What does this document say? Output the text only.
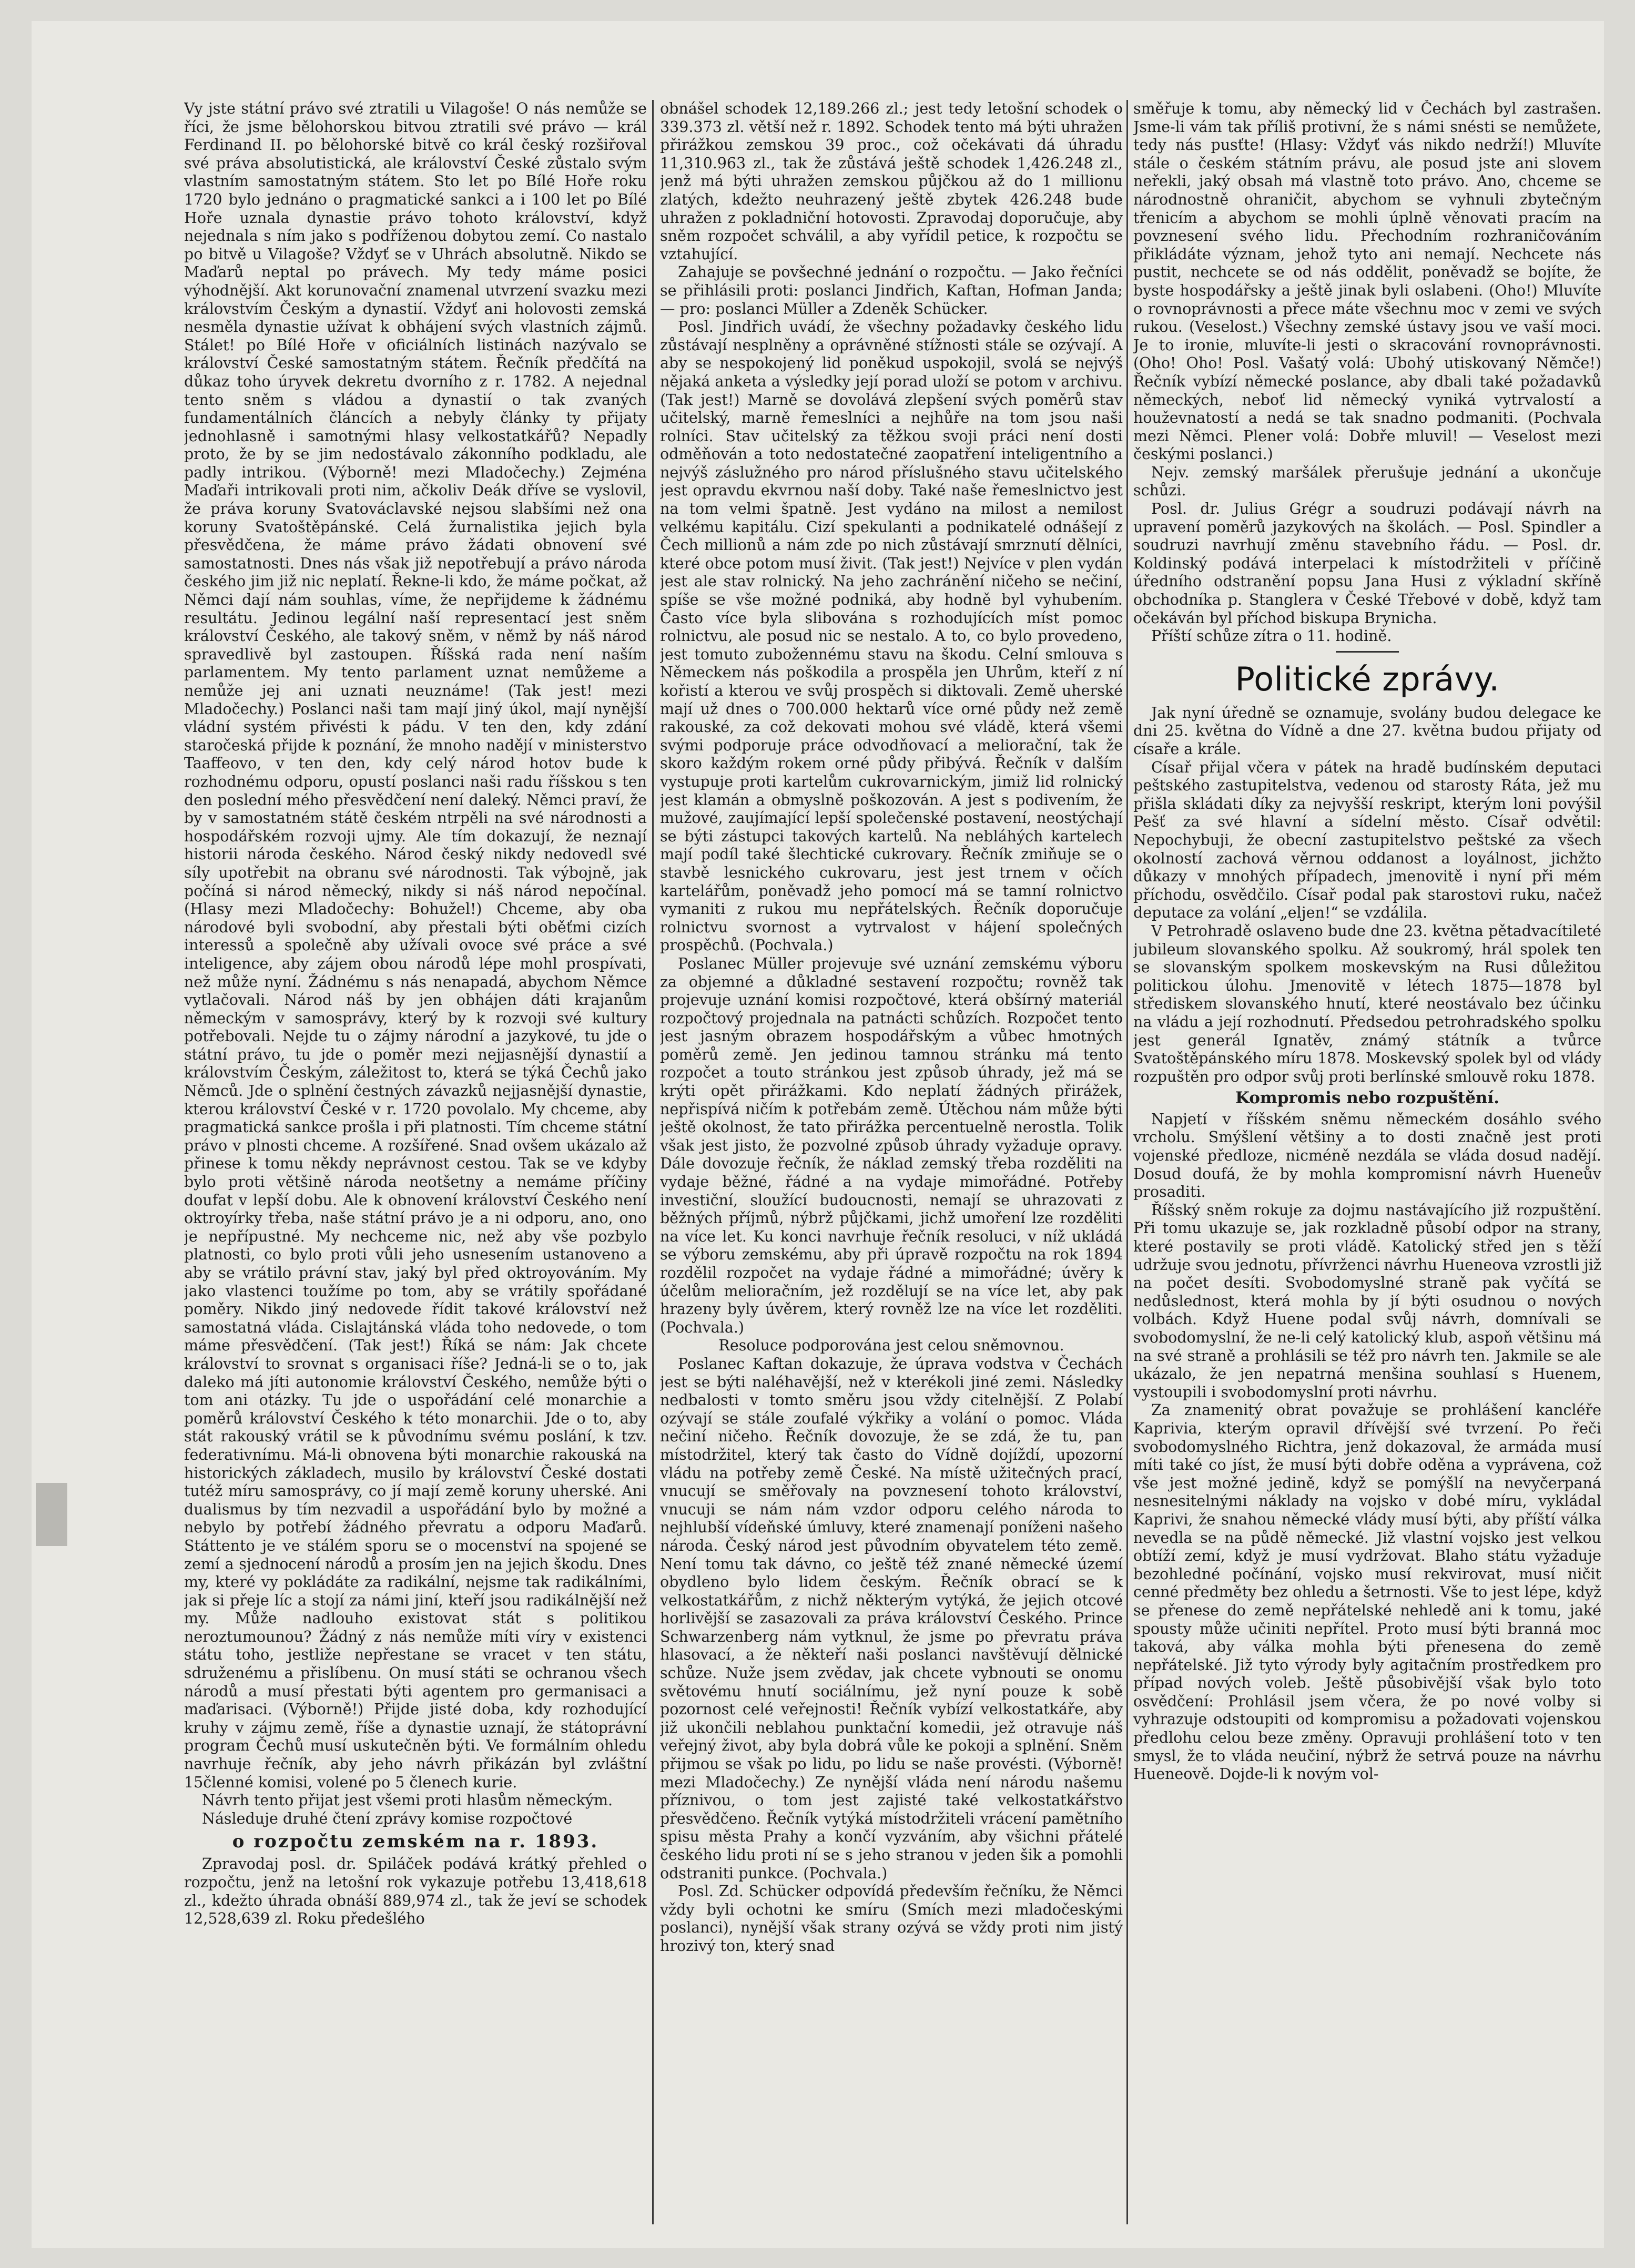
Vy jste státní právo své ztratili u Vilagoše! O nás nemůže se říci, že jsme bělohorskou bitvou ztratili své právo — král Ferdinand II. po bělohorské bitvě co král český rozšiřoval své práva absolutistická, ale království České zůstalo svým vlastním samostatným státem. Sto let po Bílé Hoře roku 1720 bylo jednáno o pragmatické sankci a i 100 let po Bílé Hoře uznala dynastie právo tohoto království, když nejednala s ním jako s podříženou dobytou zemí. Co nastalo po bitvě u Vilagoše? Vždyť se v Uhrách absolutně. Nikdo se Maďarů neptal po právech. My tedy máme posici výhodnější. Akt korunovační znamenal utvrzení svazku mezi královstvím Českým a dynastií. Vždyť ani holovosti zemská nesměla dynastie užívat k obhájení svých vlastních zájmů. Stálet! po Bílé Hoře v oficiálních listinách nazývalo se království České samostatným státem. Řečník předčítá na důkaz toho úryvek dekretu dvorního z r. 1782. A nejednal tento sněm s vládou a dynastií o tak zvaných fundamentálních článcích a nebyly články ty přijaty jednohlasně i samotnými hlasy velkostatkářů? Nepadly proto, že by se jim nedostávalo zákonního podkladu, ale padly intrikou. (Výborně! mezi Mladočechy.) Zejména Maďaři intrikovali proti nim, ačkoliv Deák dříve se vyslovil, že práva koruny Svatováclavské nejsou slabšími než ona koruny Svatoštěpánské. Celá žurnalistika jejich byla přesvědčena, že máme právo žádati obnovení své samostatnosti. Dnes nás však již nepotřebují a právo národa českého jim již nic neplatí. Řekne-li kdo, že máme počkat, až Němci dají nám souhlas, víme, že nepřijdeme k žádnému resultátu. Jedinou legální naší representací jest sněm království Českého, ale takový sněm, v němž by náš národ spravedlivě byl zastoupen. Říšská rada není naším parlamentem. My tento parlament uznat nemůžeme a nemůže jej ani uznati neuznáme! (Tak jest! mezi Mladočechy.) Poslanci naši tam mají jiný úkol, mají nynější vládní systém přivésti k pádu. V ten den, kdy zdání staročeská přijde k poznání, že mnoho nadějí v ministerstvo Taaffeovo, v ten den, kdy celý národ hotov bude k rozhodnému odporu, opustí poslanci naši radu říšskou s ten den poslední mého přesvědčení není daleký. Němci praví, že by v samostatném státě českém ntrpěli na své národnosti a hospodářském rozvoji ujmy. Ale tím dokazují, že neznají historii národa českého. Národ český nikdy nedovedl své síly upotřebit na obranu své národnosti. Tak výbojně, jak počíná si národ německý, nikdy si náš národ nepočínal. (Hlasy mezi Mladočechy: Bohužel!) Chceme, aby oba národové byli svobodní, aby přestali býti oběťmi cizích interessů a společně aby užívali ovoce své práce a své inteligence, aby zájem obou národů lépe mohl prospívati, než může nyní. Žádnému s nás nenapadá, abychom Němce vytlačovali. Národ náš by jen obhájen dáti krajanům německým v samosprávy, který by k rozvoji své kultury potřebovali. Nejde tu o zájmy národní a jazykové, tu jde o státní právo, tu jde o poměr mezi nejjasnější dynastií a královstvím Českým, záležitost to, která se týká Čechů jako Němců. Jde o splnění čestných závazků nejjasnější dynastie, kterou království České v r. 1720 povolalo. My chceme, aby pragmatická sankce prošla i při platnosti. Tím chceme státní právo v plnosti chceme. A rozšířené. Snad ovšem ukázalo až přinese k tomu někdy neprávnost cestou. Tak se ve kdyby bylo proti většině národa neotšetny a nemáme příčiny doufat v lepší dobu. Ale k obnovení království Českého není oktroyírky třeba, naše státní právo je a ni odporu, ano, ono je nepřípustné. My nechceme nic, než aby vše pozbylo platnosti, co bylo proti vůli jeho usnesením ustanoveno a aby se vrátilo právní stav, jaký byl před oktroyováním. My jako vlastenci toužíme po tom, aby se vrátily spořádané poměry. Nikdo jiný nedovede řídit takové království než samostatná vláda. Cislajtánská vláda toho nedovede, o tom máme přesvědčení. (Tak jest!) Říká se nám: Jak chcete království to srovnat s organisaci říše? Jedná-li se o to, jak daleko má jíti autonomie království Českého, nemůže býti o tom ani otázky. Tu jde o uspořádání celé monarchie a poměrů království Českého k této monarchii. Jde o to, aby stát rakouský vrátil se k původnímu svému poslání, k tzv. federativnímu. Má-li obnovena býti monarchie rakouská na historických základech, musilo by království České dostati tutéž míru samosprávy, co jí mají země koruny uherské. Ani dualismus by tím nezvadil a uspořádání bylo by možné a nebylo by potřebí žádného převratu a odporu Maďarů. Státtento je ve stálém sporu se o mocenství na spojené se zemí a sjednocení národů a prosím jen na jejich škodu. Dnes my, které vy pokládáte za radikální, nejsme tak radikálními, jak si přeje líc a stojí za námi jiní, kteří jsou radikálnější než my. Může nadlouho existovat stát s politikou neroztumounou? Žádný z nás nemůže míti víry v existenci státu toho, jestliže nepřestane se vracet v ten státu, sdruženému a přislíbenu. On musí státi se ochranou všech národů a musí přestati býti agentem pro germanisaci a maďarisaci. (Výborně!) Přijde jisté doba, kdy rozhodující kruhy v zájmu země, říše a dynastie uznají, že státoprávní program Čechů musí uskutečněn býti. Ve formálním ohledu navrhuje řečník, aby jeho návrh přikázán byl zvláštní 15členné komisi, volené po 5 členech kurie.

Návrh tento přijat jest všemi proti hlasům německým.

Následuje druhé čtení zprávy komise rozpočtové

o rozpočtu zemském na r. 1893.

Zpravodaj posl. dr. Spiláček podává krátký přehled o rozpočtu, jenž na letošní rok vykazuje potřebu 13,418,618 zl., kdežto úhrada obnáší 889,974 zl., tak že jeví se schodek 12,528,639 zl. Roku předešlého

obnášel schodek 12,189.266 zl.; jest tedy letošní schodek o 339.373 zl. větší než r. 1892. Schodek tento má býti uhražen přirážkou zemskou 39 proc., což očekávati dá úhradu 11,310.963 zl., tak že zůstává ještě schodek 1,426.248 zl., jenž má býti uhražen zemskou půjčkou až do 1 millionu zlatých, kdežto neuhrazený ještě zbytek 426.248 bude uhražen z pokladniční hotovosti. Zpravodaj doporučuje, aby sněm rozpočet schválil, a aby vyřídil petice, k rozpočtu se vztahující.

Zahajuje se povšechné jednání o rozpočtu. — Jako řečníci se přihlásili proti: poslanci Jindřich, Kaftan, Hofman Janda; — pro: poslanci Müller a Zdeněk Schücker.

Posl. Jindřich uvádí, že všechny požadavky českého lidu zůstávají nesplněny a oprávněné stížnosti stále se ozývají. A aby se nespokojený lid poněkud uspokojil, svolá se nejvýš nějaká anketa a výsledky její porad uloží se potom v archivu. (Tak jest!) Marně se dovolává zlepšení svých poměrů stav učitelský, marně řemeslníci a nejhůře na tom jsou naši rolníci. Stav učitelský za těžkou svoji práci není dosti odměňován a toto nedostatečné zaopatření inteligentního a nejvýš záslužného pro národ příslušného stavu učitelského jest opravdu ekvrnou naší doby. Také naše řemeslnictvo jest na tom velmi špatně. Jest vydáno na milost a nemilost velkému kapitálu. Cizí spekulanti a podnikatelé odnášejí z Čech millionů a nám zde po nich zůstávají smrznutí dělníci, které obce potom musí živit. (Tak jest!) Nejvíce v plen vydán jest ale stav rolnický. Na jeho zachránění ničeho se nečiní, spíše se vše možné podniká, aby hodně byl vyhubením. Často více byla slibována s rozhodujících míst pomoc rolnictvu, ale posud nic se nestalo. A to, co bylo provedeno, jest tomuto zubožennému stavu na škodu. Celní smlouva s Německem nás poškodila a prospěla jen Uhrům, kteří z ní kořistí a kterou ve svůj prospěch si diktovali. Země uherské mají už dnes o 700.000 hektarů více orné půdy než země rakouské, za což dekovati mohou své vládě, která všemi svými podporuje práce odvodňovací a meliorační, tak že skoro každým rokem orné půdy přibývá. Řečník v dalším vystupuje proti kartelům cukrovarnickým, jimiž lid rolnický jest klamán a obmyslně poškozován. A jest s podivením, že mužové, zaujímající lepší společenské postavení, neostýchají se býti zástupci takových kartelů. Na nebláhých kartelech mají podíl také šlechtické cukrovary. Řečník zmiňuje se o stavbě lesnického cukrovaru, jest jest trnem v očích kartelářům, poněvadž jeho pomocí má se tamní rolnictvo vymaniti z rukou mu nepřátelských. Řečník doporučuje rolnictvu svornost a vytrvalost v hájení společných prospěchů. (Pochvala.)

Poslanec Müller projevuje své uznání zemskému výboru za objemné a důkladné sestavení rozpočtu; rovněž tak projevuje uznání komisi rozpočtové, která obšírný materiál rozpočtový projednala na patnácti schůzích. Rozpočet tento jest jasným obrazem hospodářským a vůbec hmotných poměrů země. Jen jedinou tamnou stránku má tento rozpočet a touto stránkou jest způsob úhrady, jež má se krýti opět přirážkami. Kdo neplatí žádných přirážek, nepřispívá ničím k potřebám země. Útěchou nám může býti ještě okolnost, že tato přirážka percentuelně nerostla. Tolik však jest jisto, že pozvolné způsob úhrady vyžaduje opravy. Dále dovozuje řečník, že náklad zemský třeba rozděliti na vydaje běžné, řádné a na vydaje mimořádné. Potřeby investiční, sloužící budoucnosti, nemají se uhrazovati z běžných příjmů, nýbrž půjčkami, jichž umoření lze rozděliti na více let. Ku konci navrhuje řečník resoluci, v níž ukládá se výboru zemskému, aby při úpravě rozpočtu na rok 1894 rozdělil rozpočet na vydaje řádné a mimořádné; úvěry k účelům melioračním, jež rozdělují se na více let, aby pak hrazeny byly úvěrem, který rovněž lze na více let rozděliti. (Pochvala.)

Resoluce podporována jest celou sněmovnou.

Poslanec Kaftan dokazuje, že úprava vodstva v Čechách jest se býti naléhavější, než v kterékoli jiné zemi. Následky nedbalosti v tomto směru jsou vždy citelnější. Z Polabí ozývají se stále zoufalé výkřiky a volání o pomoc. Vláda nečiní ničeho. Řečník dovozuje, že se zdá, že tu, pan místodržitel, který tak často do Vídně dojíždí, upozorní vládu na potřeby země České. Na místě užitečných prací, vnucují se směřovaly na povznesení tohoto království, vnucuji se nám nám vzdor odporu celého národa to nejhlubší vídeňské úmluvy, které znamenají poníženi našeho národa. Český národ jest původním obyvatelem této země. Není tomu tak dávno, co ještě též znané německé území obydleno bylo lidem českým. Řečník obrací se k velkostatkářům, z nichž některým vytýká, že jejich otcové horlivější se zasazovali za práva království Českého. Prince Schwarzenberg nám vytknul, že jsme po převratu práva hlasovací, a že někteří naši poslanci navštěvují dělnické schůze. Nuže jsem zvědav, jak chcete vybnouti se onomu světovému hnutí sociálnímu, jež nyní pouze k sobě pozornost celé veřejnosti! Řečník vybízí velkostatkáře, aby již ukončili neblahou punktační komedii, jež otravuje náš veřejný život, aby byla dobrá vůle ke pokoji a splnění. Sněm přijmou se však po lidu, po lidu se naše provésti. (Výborně! mezi Mladočechy.) Ze nynější vláda není národu našemu příznivou, o tom jest zajisté také velkostatkářstvo přesvědčeno. Řečník vytýká místodržiteli vrácení pamětního spisu města Prahy a končí vyzváním, aby všichni přátelé českého lidu proti ní se s jeho stranou v jeden šik a pomohli odstraniti punkce. (Pochvala.)

Posl. Zd. Schücker odpovídá především řečníku, že Němci vždy byli ochotni ke smíru (Smích mezi mladočeskými poslanci), nynější však strany ozývá se vždy proti nim jistý hrozivý ton, který snad

směřuje k tomu, aby německý lid v Čechách byl zastrašen. Jsme-li vám tak příliš protivní, že s námi snésti se nemůžete, tedy nás pusťte! (Hlasy: Vždyť vás nikdo nedrží!) Mluvíte stále o českém státním právu, ale posud jste ani slovem neřekli, jaký obsah má vlastně toto právo. Ano, chceme se národnostně ohraničit, abychom se vyhnuli zbytečným třenicím a abychom se mohli úplně věnovati pracím na povznesení svého lidu. Přechodním rozhraničováním přikládáte význam, jehož tyto ani nemají. Nechcete nás pustit, nechcete se od nás oddělit, poněvadž se bojíte, že byste hospodářsky a ještě jinak byli oslabeni. (Oho!) Mluvíte o rovnoprávnosti a přece máte všechnu moc v zemi ve svých rukou. (Veselost.) Všechny zemské ústavy jsou ve vaší moci. Je to ironie, mluvíte-li jesti o skracování rovnoprávnosti. (Oho! Oho! Posl. Vašatý volá: Ubohý utiskovaný Němče!) Řečník vybízí německé poslance, aby dbali také požadavků německých, neboť lid německý vyniká vytrvalostí a houževnatostí a nedá se tak snadno podmaniti. (Pochvala mezi Němci. Plener volá: Dobře mluvil! — Veselost mezi českými poslanci.)

Nejv. zemský maršálek přerušuje jednání a ukončuje schůzi.

Posl. dr. Julius Grégr a soudruzi podávají návrh na upravení poměrů jazykových na školách. — Posl. Spindler a soudruzi navrhují změnu stavebního řádu. — Posl. dr. Koldinský podává interpelaci k místodržiteli v příčině úředního odstranění popsu Jana Husi z výkladní skříně obchodníka p. Stanglera v České Třebové v době, když tam očekáván byl příchod biskupa Brynicha.

Příští schůze zítra o 11. hodině.

Politické zprávy.

Jak nyní úředně se oznamuje, svolány budou delegace ke dni 25. května do Vídně a dne 27. května budou přijaty od císaře a krále.

Císař přijal včera v pátek na hradě budínském deputaci peštského zastupitelstva, vedenou od starosty Ráta, jež mu přišla skládati díky za nejvyšší reskript, kterým loni povýšil Pešť za své hlavní a sídelní město. Císař odvětil: Nepochybuji, že obecní zastupitelstvo peštské za všech okolností zachová věrnou oddanost a loyálnost, jichžto důkazy v mnohých případech, jmenovitě i nyní při mém příchodu, osvědčilo. Císař podal pak starostovi ruku, načež deputace za volání „eljen!“ se vzdálila.

V Petrohradě oslaveno bude dne 23. května pětadvacítileté jubileum slovanského spolku. Až soukromý, hrál spolek ten se slovanským spolkem moskevským na Rusi důležitou politickou úlohu. Jmenovitě v létech 1875—1878 byl střediskem slovanského hnutí, které neostávalo bez účinku na vládu a její rozhodnutí. Předsedou petrohradského spolku jest generál Ignatěv, známý státník a tvůrce Svatoštěpánského míru 1878. Moskevský spolek byl od vlády rozpuštěn pro odpor svůj proti berlínské smlouvě roku 1878.

Kompromis nebo rozpuštění.

Napjetí v říšském sněmu německém dosáhlo svého vrcholu. Smýšlení většiny a to dosti značně jest proti vojenské předloze, nicméně nezdála se vláda dosud nadějí. Dosud doufá, že by mohla kompromisní návrh Hueneův prosaditi.

Říšský sněm rokuje za dojmu nastávajícího již rozpuštění. Při tomu ukazuje se, jak rozkladně působí odpor na strany, které postavily se proti vládě. Katolický střed jen s těží udržuje svou jednotu, přívrženci návrhu Hueneova vzrostli již na počet desíti. Svobodomyslné straně pak vyčítá se nedůslednost, která mohla by jí býti osudnou o nových volbách. Když Huene podal svůj návrh, domnívali se svobodomyslní, že ne-li celý katolický klub, aspoň většinu má na své straně a prohlásili se též pro návrh ten. Jakmile se ale ukázalo, že jen nepatrná menšina souhlasí s Huenem, vystoupili i svobodomyslní proti návrhu.

Za znamenitý obrat považuje se prohlášení kancléře Kaprivia, kterým opravil dřívější své tvrzení. Po řeči svobodomyslného Richtra, jenž dokazoval, že armáda musí míti také co jíst, že musí býti dobře oděna a vyprávena, což vše jest možné jedině, když se pomýšlí na nevyčerpaná nesnesitelnými náklady na vojsko v dobé míru, vykládal Kaprivi, že snahou německé vlády musí býti, aby příští válka nevedla se na půdě německé. Již vlastní vojsko jest velkou obtíží zemí, když je musí vydržovat. Blaho státu vyžaduje bezohledné počínání, vojsko musí rekvirovat, musí ničit cenné předměty bez ohledu a šetrnosti. Vše to jest lépe, když se přenese do země nepřátelské nehledě ani k tomu, jaké spousty může učiniti nepřítel. Proto musí býti branná moc taková, aby válka mohla býti přenesena do země nepřátelské. Již tyto výrody byly agitačním prostředkem pro případ nových voleb. Ještě působivější však bylo toto osvědčení: Prohlásil jsem včera, že po nové volby si vyhrazuje odstoupiti od kompromisu a požadovati vojenskou předlohu celou beze změny. Opravuji prohlášení toto v ten smysl, že to vláda neučiní, nýbrž že setrvá pouze na návrhu Hueneově. Dojde-li k novým vol-
